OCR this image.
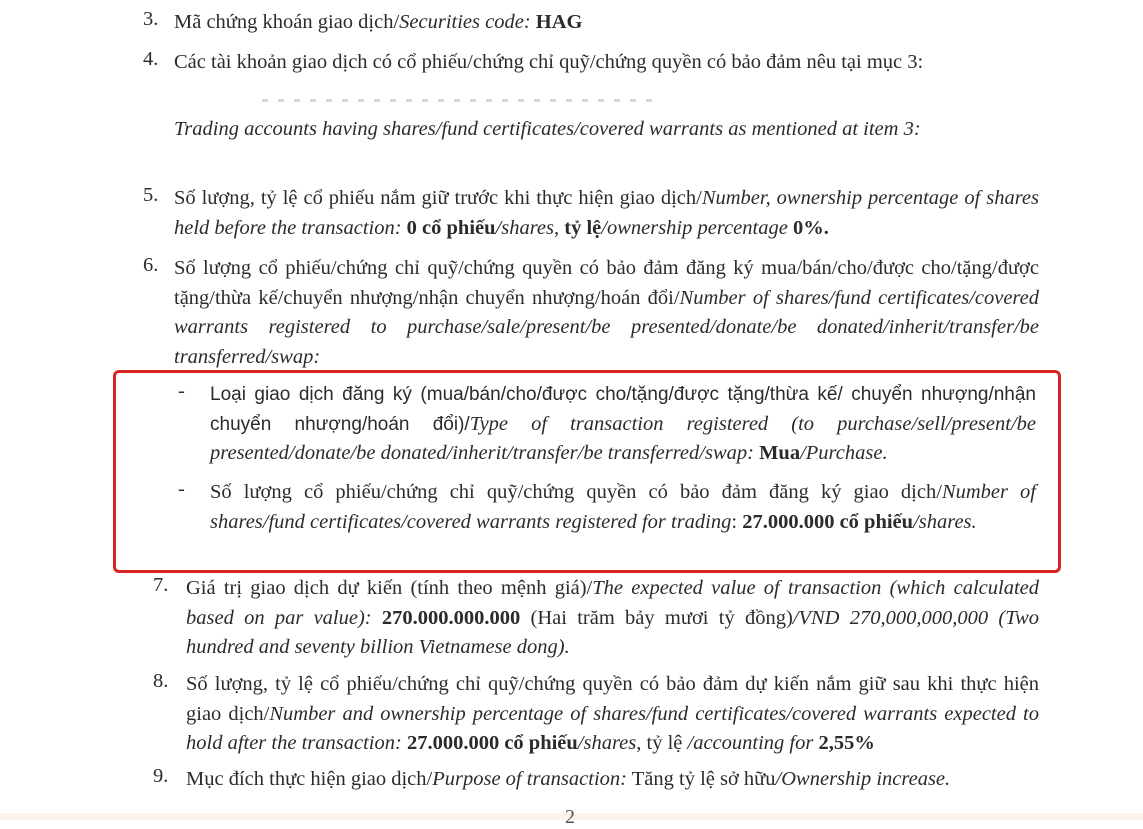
3. Mã chứng khoán giao dịch/Securities code: HAG
4. Các tài khoản giao dịch có cổ phiếu/chứng chỉ quỹ/chứng quyền có bảo đảm nêu tại mục 3:
Trading accounts having shares/fund certificates/covered warrants as mentioned at item 3:
5. Số lượng, tỷ lệ cổ phiếu nắm giữ trước khi thực hiện giao dịch/Number, ownership percentage of shares held before the transaction: 0 cổ phiếu/shares, tỷ lệ/ownership percentage 0%.
6. Số lượng cổ phiếu/chứng chỉ quỹ/chứng quyền có bảo đảm đăng ký mua/bán/cho/được cho/tặng/được tặng/thừa kế/chuyển nhượng/nhận chuyển nhượng/hoán đổi/Number of shares/fund certificates/covered warrants registered to purchase/sale/present/be presented/donate/be donated/inherit/transfer/be transferred/swap:
- Loại giao dịch đăng ký (mua/bán/cho/được cho/tặng/được tặng/thừa kế/ chuyển nhượng/nhận chuyển nhượng/hoán đổi)/Type of transaction registered (to purchase/sell/present/be presented/donate/be donated/inherit/transfer/be transferred/swap: Mua/Purchase.
- Số lượng cổ phiếu/chứng chỉ quỹ/chứng quyền có bảo đảm đăng ký giao dịch/Number of shares/fund certificates/covered warrants registered for trading: 27.000.000 cổ phiếu/shares.
7. Giá trị giao dịch dự kiến (tính theo mệnh giá)/The expected value of transaction (which calculated based on par value): 270.000.000.000 (Hai trăm bảy mươi tỷ đồng)/VND 270,000,000,000 (Two hundred and seventy billion Vietnamese dong).
8. Số lượng, tỷ lệ cổ phiếu/chứng chỉ quỹ/chứng quyền có bảo đảm dự kiến nắm giữ sau khi thực hiện giao dịch/Number and ownership percentage of shares/fund certificates/covered warrants expected to hold after the transaction: 27.000.000 cổ phiếu/shares, tỷ lệ /accounting for 2,55%
9. Mục đích thực hiện giao dịch/Purpose of transaction: Tăng tỷ lệ sở hữu/Ownership increase.
2
